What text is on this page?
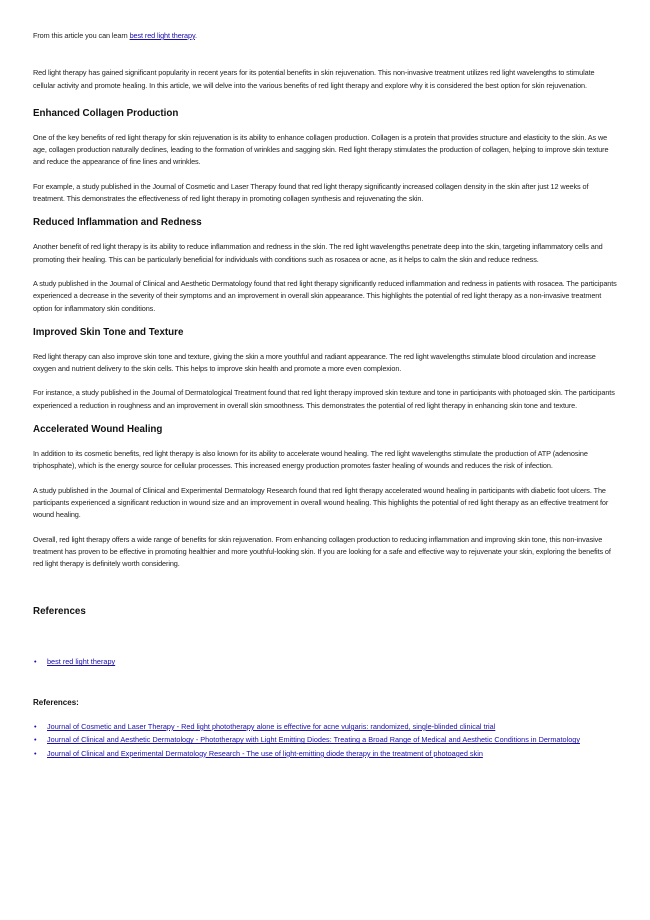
From this article you can learn best red light therapy.

Red light therapy has gained significant popularity in recent years for its potential benefits in skin rejuvenation. This non-invasive treatment utilizes red light wavelengths to stimulate cellular activity and promote healing. In this article, we will delve into the various benefits of red light therapy and explore why it is considered the best option for skin rejuvenation.

Enhanced Collagen Production

One of the key benefits of red light therapy for skin rejuvenation is its ability to enhance collagen production. Collagen is a protein that provides structure and elasticity to the skin. As we age, collagen production naturally declines, leading to the formation of wrinkles and sagging skin. Red light therapy stimulates the production of collagen, helping to improve skin texture and reduce the appearance of fine lines and wrinkles.

For example, a study published in the Journal of Cosmetic and Laser Therapy found that red light therapy significantly increased collagen density in the skin after just 12 weeks of treatment. This demonstrates the effectiveness of red light therapy in promoting collagen synthesis and rejuvenating the skin.

Reduced Inflammation and Redness

Another benefit of red light therapy is its ability to reduce inflammation and redness in the skin. The red light wavelengths penetrate deep into the skin, targeting inflammatory cells and promoting their healing. This can be particularly beneficial for individuals with conditions such as rosacea or acne, as it helps to calm the skin and reduce redness.

A study published in the Journal of Clinical and Aesthetic Dermatology found that red light therapy significantly reduced inflammation and redness in patients with rosacea. The participants experienced a decrease in the severity of their symptoms and an improvement in overall skin appearance. This highlights the potential of red light therapy as a non-invasive treatment option for inflammatory skin conditions.

Improved Skin Tone and Texture

Red light therapy can also improve skin tone and texture, giving the skin a more youthful and radiant appearance. The red light wavelengths stimulate blood circulation and increase oxygen and nutrient delivery to the skin cells. This helps to improve skin health and promote a more even complexion.

For instance, a study published in the Journal of Dermatological Treatment found that red light therapy improved skin texture and tone in participants with photoaged skin. The participants experienced a reduction in roughness and an improvement in overall skin smoothness. This demonstrates the potential of red light therapy in enhancing skin tone and texture.

Accelerated Wound Healing

In addition to its cosmetic benefits, red light therapy is also known for its ability to accelerate wound healing. The red light wavelengths stimulate the production of ATP (adenosine triphosphate), which is the energy source for cellular processes. This increased energy production promotes faster healing of wounds and reduces the risk of infection.

A study published in the Journal of Clinical and Experimental Dermatology Research found that red light therapy accelerated wound healing in participants with diabetic foot ulcers. The participants experienced a significant reduction in wound size and an improvement in overall wound healing. This highlights the potential of red light therapy as an effective treatment for wound healing.

Overall, red light therapy offers a wide range of benefits for skin rejuvenation. From enhancing collagen production to reducing inflammation and improving skin tone, this non-invasive treatment has proven to be effective in promoting healthier and more youthful-looking skin. If you are looking for a safe and effective way to rejuvenate your skin, exploring the benefits of red light therapy is definitely worth considering.

References
• best red light therapy
References:
• Journal of Cosmetic and Laser Therapy - Red light phototherapy alone is effective for acne vulgaris: randomized, single-blinded clinical trial
• Journal of Clinical and Aesthetic Dermatology - Phototherapy with Light Emitting Diodes: Treating a Broad Range of Medical and Aesthetic Conditions in Dermatology
• Journal of Clinical and Experimental Dermatology Research - The use of light-emitting diode therapy in the treatment of photoaged skin
